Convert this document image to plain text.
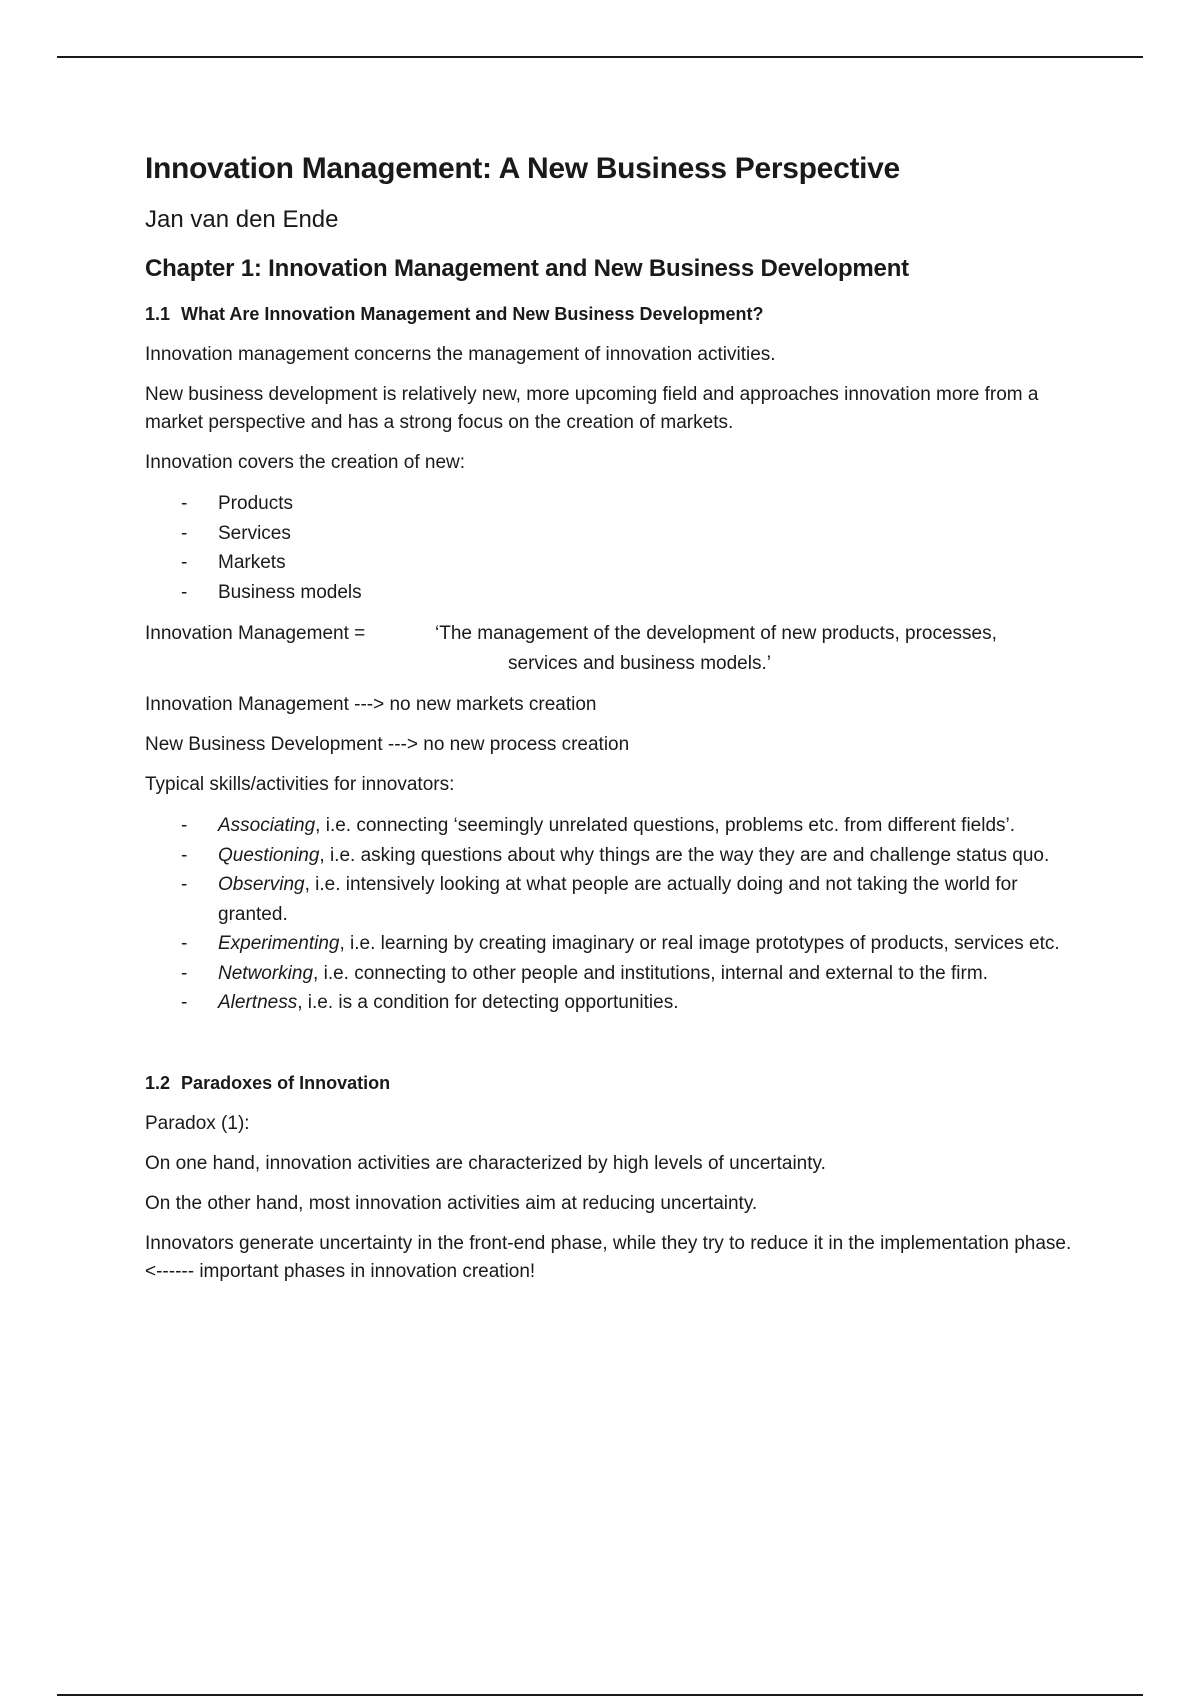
Innovation Management: A New Business Perspective
Jan van den Ende
Chapter 1: Innovation Management and New Business Development
1.1 What Are Innovation Management and New Business Development?

Innovation management concerns the management of innovation activities.

New business development is relatively new, more upcoming field and approaches innovation more from a market perspective and has a strong focus on the creation of markets.

Innovation covers the creation of new:

- Products
- Services
- Markets
- Business models
Innovation Management =	‘The management of the development of new products, processes,
services and business models.’

Innovation Management ---> no new markets creation

New Business Development ---> no new process creation

Typical skills/activities for innovators:

- Associating, i.e. connecting ‘seemingly unrelated questions, problems etc. from different fields’.
- Questioning, i.e. asking questions about why things are the way they are and challenge status quo.
- Observing, i.e. intensively looking at what people are actually doing and not taking the world for granted.
- Experimenting, i.e. learning by creating imaginary or real image prototypes of products, services etc.
- Networking, i.e. connecting to other people and institutions, internal and external to the firm.
- Alertness, i.e. is a condition for detecting opportunities.
1.2 Paradoxes of Innovation

Paradox (1):

On one hand, innovation activities are characterized by high levels of uncertainty.

On the other hand, most innovation activities aim at reducing uncertainty.

Innovators generate uncertainty in the front-end phase, while they try to reduce it in the implementation phase. <------ important phases in innovation creation!
